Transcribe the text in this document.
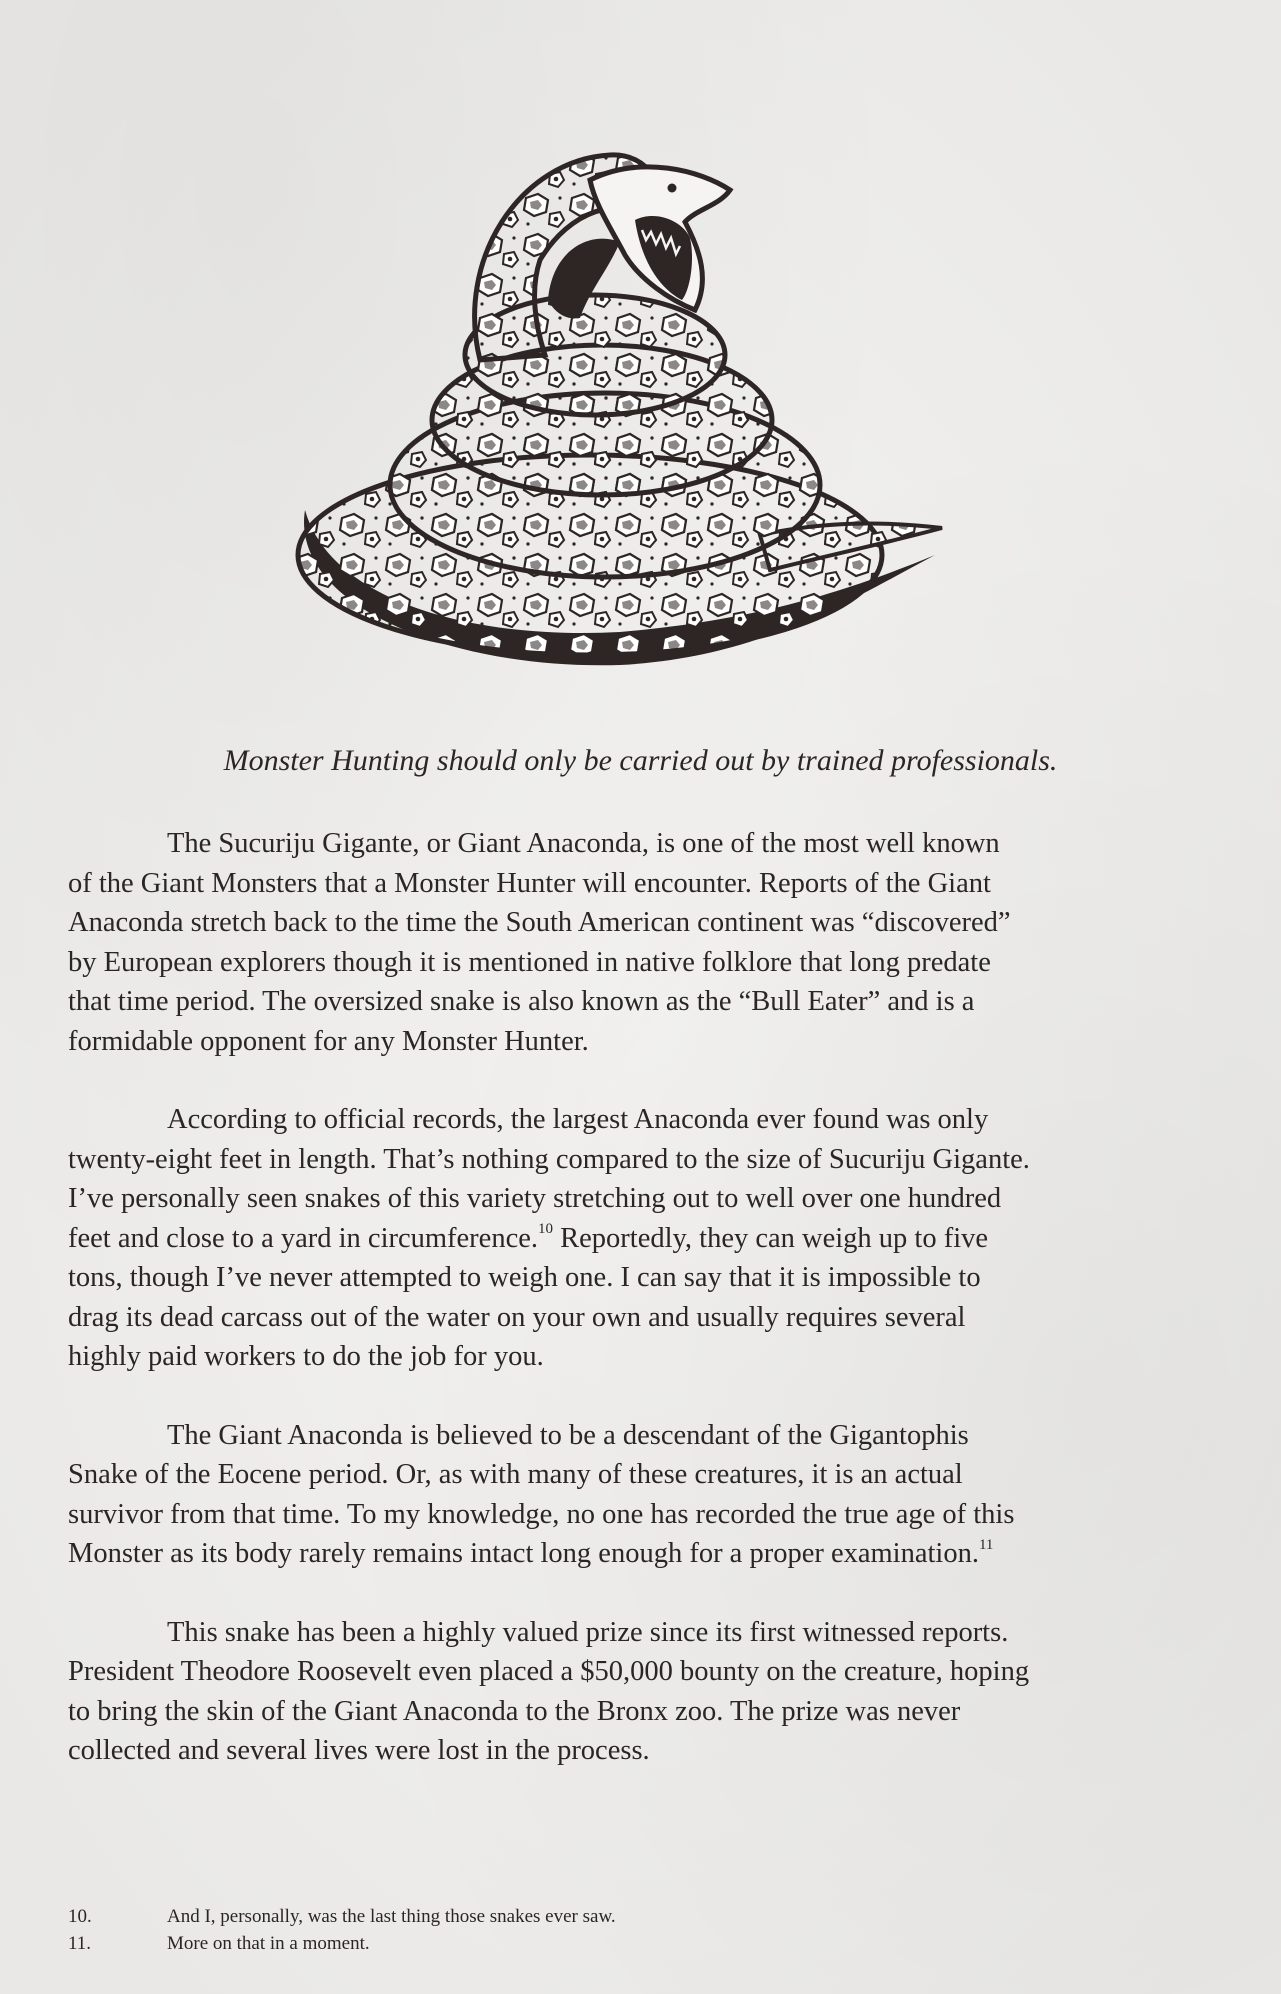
Monster Hunting should only be carried out by trained professionals.

The Sucuriju Gigante, or Giant Anaconda, is one of the most well known
of the Giant Monsters that a Monster Hunter will encounter. Reports of the Giant
Anaconda stretch back to the time the South American continent was “discovered”
by European explorers though it is mentioned in native folklore that long predate
that time period. The oversized snake is also known as the “Bull Eater” and is a
formidable opponent for any Monster Hunter.

According to official records, the largest Anaconda ever found was only
twenty-eight feet in length. That’s nothing compared to the size of Sucuriju Gigante.
I’ve personally seen snakes of this variety stretching out to well over one hundred
feet and close to a yard in circumference.$^{10}$ Reportedly, they can weigh up to five
tons, though I’ve never attempted to weigh one. I can say that it is impossible to
drag its dead carcass out of the water on your own and usually requires several
highly paid workers to do the job for you.

The Giant Anaconda is believed to be a descendant of the Gigantophis
Snake of the Eocene period. Or, as with many of these creatures, it is an actual
survivor from that time. To my knowledge, no one has recorded the true age of this
Monster as its body rarely remains intact long enough for a proper examination.$^{11}$

This snake has been a highly valued prize since its first witnessed reports.
President Theodore Roosevelt even placed a $50,000 bounty on the creature, hoping
to bring the skin of the Giant Anaconda to the Bronx zoo. The prize was never
collected and several lives were lost in the process.

10.	And I, personally, was the last thing those snakes ever saw.
11.	More on that in a moment.
